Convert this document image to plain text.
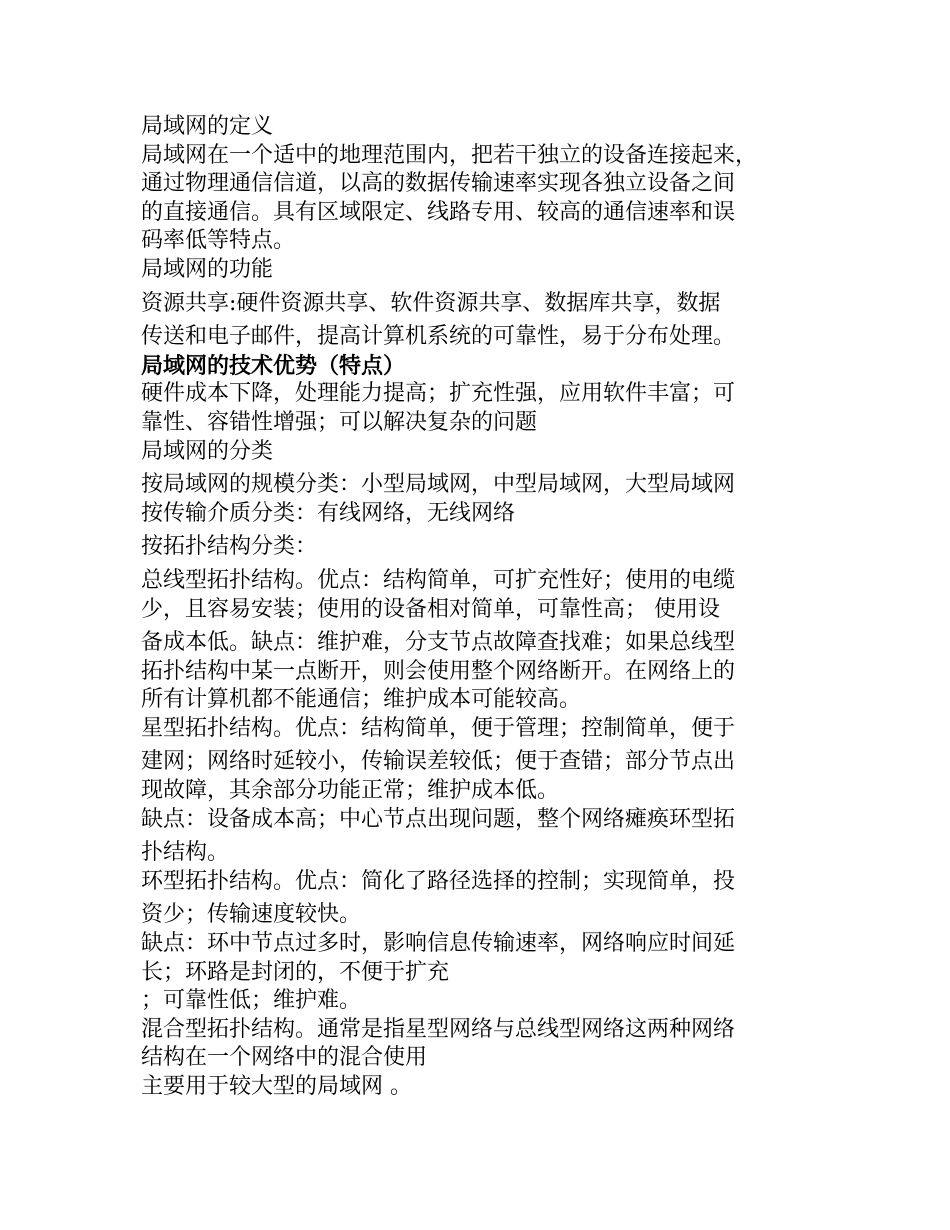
局域网的定义

局域网在一个适中的地理范围内，把若干独立的设备连接起来，

通过物理通信信道，以高的数据传输速率实现各独立设备之间

的直接通信。具有区域限定、线路专用、较高的通信速率和误

码率低等特点。

局域网的功能

资源共享:硬件资源共享、软件资源共享、数据库共享，数据

传送和电子邮件，提高计算机系统的可靠性，易于分布处理。

局域网的技术优势（特点）

硬件成本下降，处理能力提高；扩充性强，应用软件丰富；可

靠性、容错性增强；可以解决复杂的问题

局域网的分类

按局域网的规模分类：小型局域网，中型局域网，大型局域网

按传输介质分类：有线网络，无线网络

按拓扑结构分类：

总线型拓扑结构。优点：结构简单，可扩充性好；使用的电缆

少，且容易安装；使用的设备相对简单，可靠性高； 使用设

备成本低。缺点：维护难，分支节点故障查找难；如果总线型

拓扑结构中某一点断开，则会使用整个网络断开。在网络上的

所有计算机都不能通信；维护成本可能较高。

星型拓扑结构。优点：结构简单，便于管理；控制简单，便于

建网；网络时延较小，传输误差较低；便于查错；部分节点出

现故障，其余部分功能正常；维护成本低。

缺点：设备成本高；中心节点出现问题，整个网络瘫痪环型拓

扑结构。

环型拓扑结构。优点：简化了路径选择的控制；实现简单，投

资少；传输速度较快。

缺点：环中节点过多时，影响信息传输速率，网络响应时间延

长；环路是封闭的，不便于扩充

；可靠性低；维护难。

混合型拓扑结构。通常是指星型网络与总线型网络这两种网络

结构在一个网络中的混合使用

主要用于较大型的局域网 。
